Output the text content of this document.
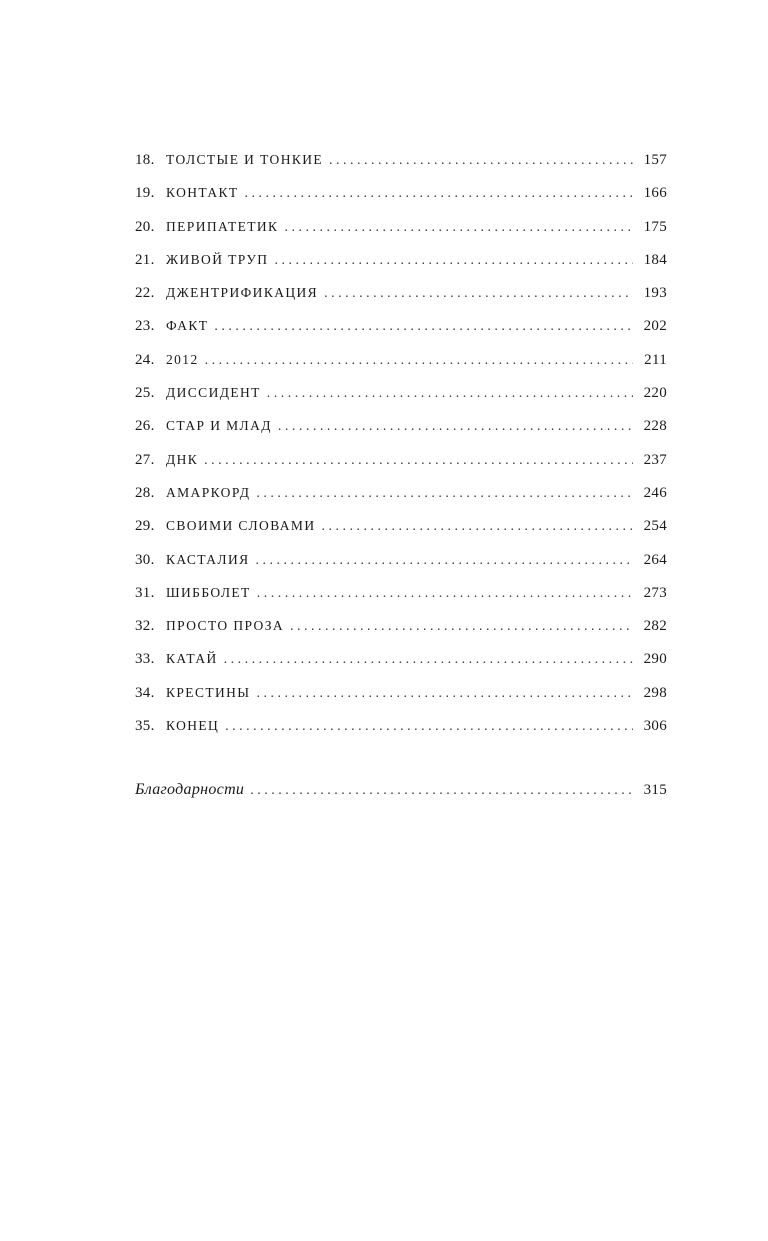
18. ТОЛСТЫЕ И ТОНКИЕ . . .	157
19. КОНТАКТ . . .	166
20. ПЕРИПАТЕТИК . . .	175
21. ЖИВОЙ ТРУП . . .	184
22. ДЖЕНТРИФИКАЦИЯ . . .	193
23. ФАКТ . . .	202
24. 2012 . . .	211
25. ДИССИДЕНТ . . .	220
26. СТАР И МЛАД . . .	228
27. ДНК . . .	237
28. АМАРКОРД . . .	246
29. СВОИМИ СЛОВАМИ . . .	254
30. КАСТАЛИЯ . . .	264
31. ШИББОЛЕТ . . .	273
32. ПРОСТО ПРОЗА . . .	282
33. КАТАЙ . . .	290
34. КРЕСТИНЫ . . .	298
35. КОНЕЦ . . .	306
Благодарности . . .	315
